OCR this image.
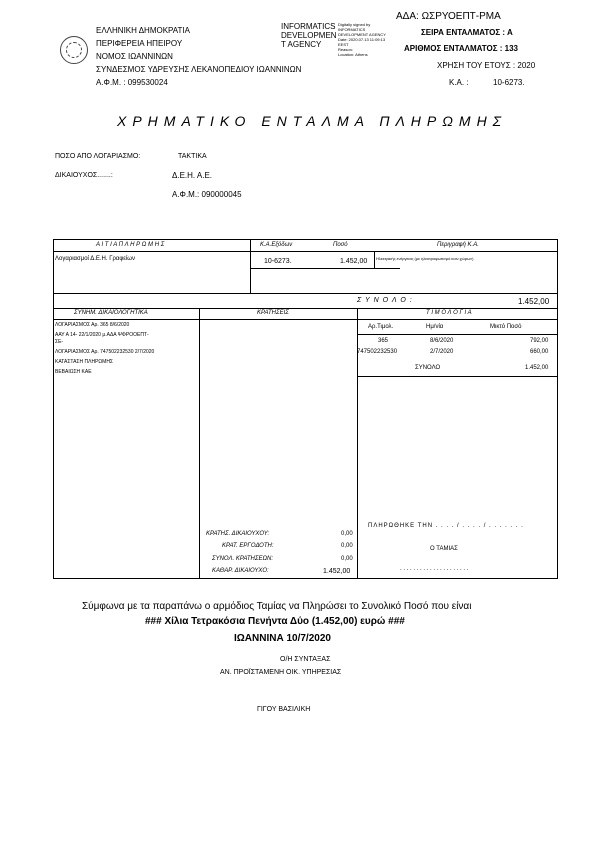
ΕΛΛΗΝΙΚΗ ΔΗΜΟΚΡΑΤΙΑ
ΠΕΡΙΦΕΡΕΙΑ ΗΠΕΙΡΟΥ
ΝΟΜΟΣ ΙΩΑΝΝΙΝΩΝ
ΣΥΝΔΕΣΜΟΣ ΥΔΡΕΥΣΗΣ ΛΕΚΑΝΟΠΕΔΙΟΥ ΙΩΑΝΝΙΝΩΝ
Α.Φ.Μ. : 099530024
INFORMATICS
DEVELOPMEN
T AGENCY
Digitally signed by
INFORMATICS
DEVELOPMENT AGENCY
Date: 2020.07.13 11:09:13
EEST
Reason:
Location: Athens
ΑΔΑ: ΩΣΡΥΟΕΠΤ-ΡΜΑ
ΣΕΙΡΑ ΕΝΤΑΛΜΑΤΟΣ : Α
ΑΡΙΘΜΟΣ ΕΝΤΑΛΜΑΤΟΣ : 133
ΧΡΗΣΗ ΤΟΥ ΕΤΟΥΣ : 2020
Κ.Α. :	10-6273.
ΧΡΗΜΑΤΙΚΟ ΕΝΤΑΛΜΑ ΠΛΗΡΩΜΗΣ
ΠΟΣΟ ΑΠΟ ΛΟΓΑΡΙΑΣΜΟ:	ΤΑΚΤΙΚΑ
ΔΙΚΑΙΟΥΧΟΣ.......:	Δ.Ε.Η. Α.Ε.
Α.Φ.Μ.: 090000045
Α Ι Τ Ι Α Π Λ Η Ρ Ω Μ Η Σ	Κ.Α.Εξόδων	Ποσό	Περιγραφή Κ.Α.
Λογαριασμοί Δ.Ε.Η. Γραφείων	10-6273.	1.452,00 Ηλεκτρικής ενέργειας (με ηλεκτροφωτισμό κοιν.χώρων)
Σ Υ Ν Ο Λ Ο :	1.452,00
ΣΥΝΗΜ. ΔΙΚΑΙΟΛΟΓΗΤΙΚΑ	ΚΡΑΤΗΣΕΙΣ	Τ Ι Μ Ο Λ Ο Γ Ι Α
ΛΟΓΑΡΙΑΣΜΟΣ Αρ. 365 8/6/2020
ΑΑΥ Α 14- 22/1/2020 μ.ΑΔΑ ΨΦΡΟΟΕΠΤ-
ΣΕ-
ΛΟΓΑΡΙΑΣΜΟΣ Αρ. 747502232530 2/7/2020
ΚΑΤΑΣΤΑΣΗ ΠΛΗΡΩΜΗΣ
ΒΕΒΑΙΩΣΗ ΚΑΕ
Αρ.Τιμολ.	Ημ/νία	Μικτό Ποσό
365	8/6/2020	792,00
747502232530	2/7/2020	660,00
ΣΥΝΟΛΟ	1.452,00
ΚΡΑΤΗΣ. ΔΙΚΑΙΟΥΧΟΥ:	0,00
ΚΡΑΤ. ΕΡΓΟΔΟΤΗ:	0,00
ΣΥΝΟΛ. ΚΡΑΤΗΣΕΩΝ:	0,00
ΚΑΘΑΡ. ΔΙΚΑΙΟΥΧΟ:	1.452,00
ΠΛΗΡΩΘΗΚΕ ΤΗΝ . . . . / . . . . / . . . . . . .
Ο ΤΑΜΙΑΣ
. . . . . . . . . . . . . . . . . . . . .
Σύμφωνα με τα παραπάνω ο αρμόδιος Ταμίας να Πληρώσει το Συνολικό Ποσό που είναι
### Χίλια Τετρακόσια Πενήντα Δύο (1.452,00) ευρώ ###
ΙΩΑΝΝΙΝΑ 10/7/2020
Ο/Η ΣΥΝΤΑΞΑΣ
ΑΝ. ΠΡΟΪΣΤΑΜΕΝΗ ΟΙΚ. ΥΠΗΡΕΣΙΑΣ
ΓΙΓΟΥ ΒΑΣΙΛΙΚΗ
